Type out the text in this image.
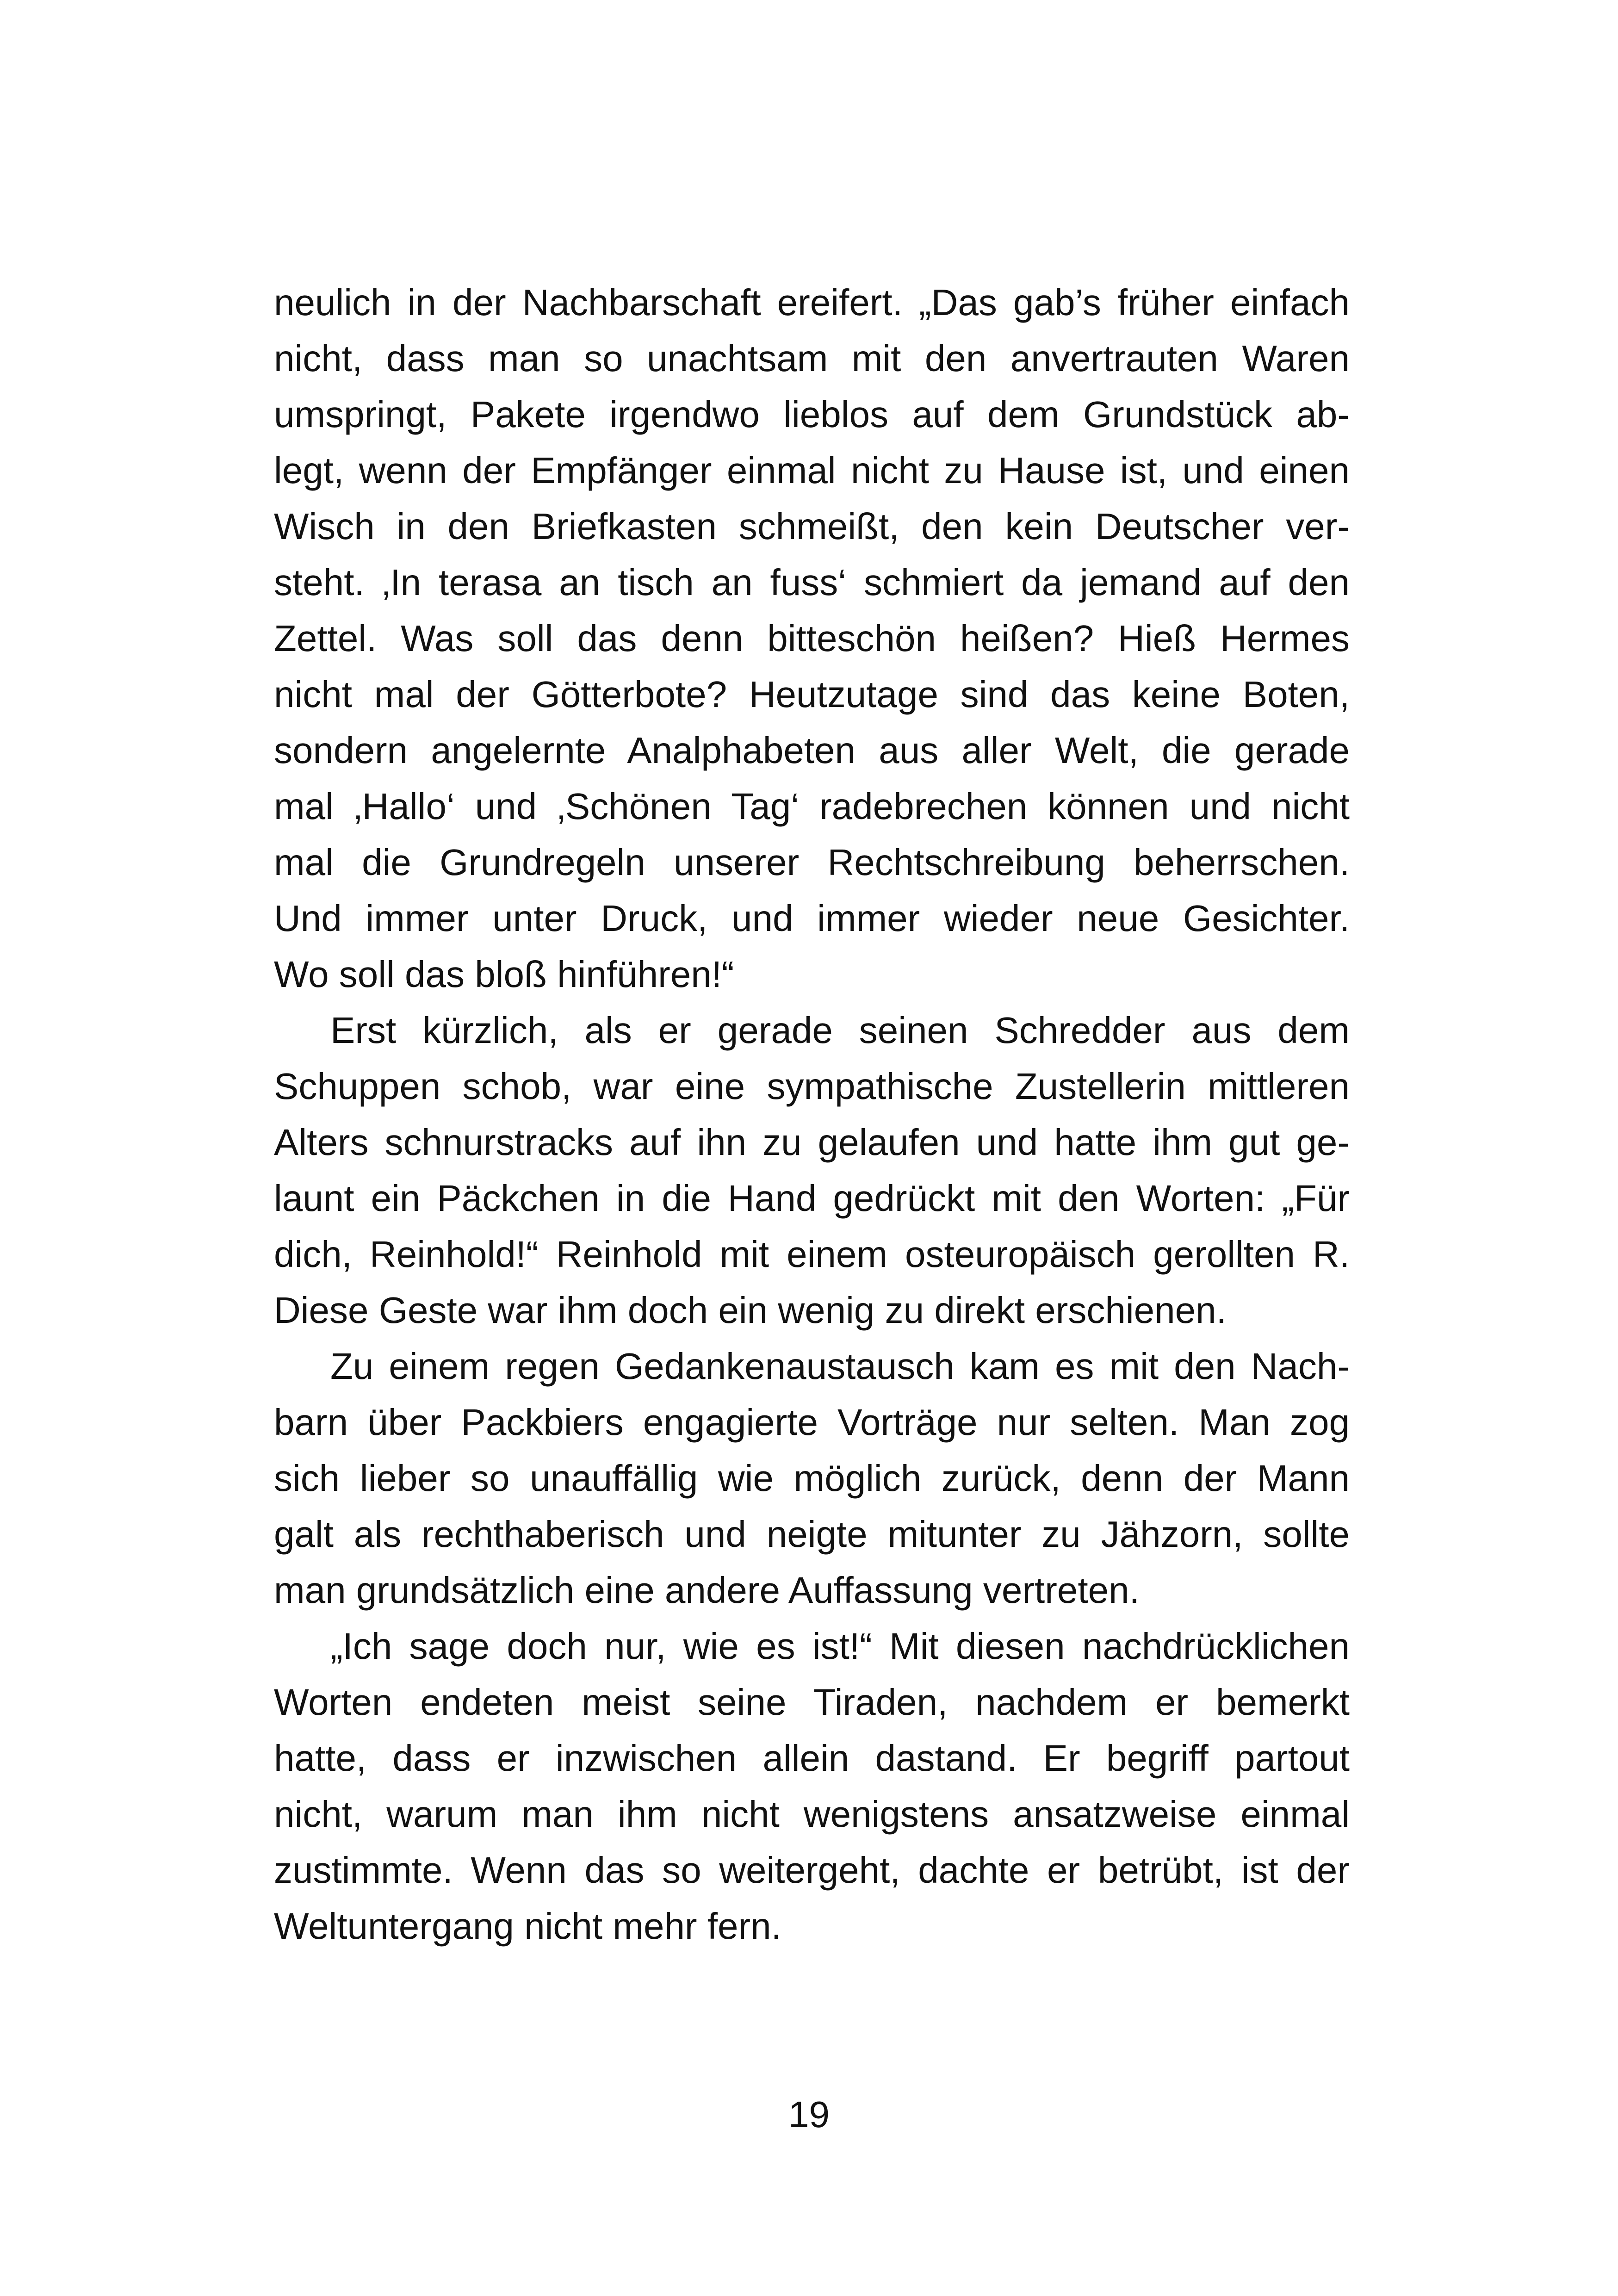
neulich in der Nachbarschaft ereifert. „Das gab’s früher einfach
nicht, dass man so unachtsam mit den anvertrauten Waren
umspringt, Pakete irgendwo lieblos auf dem Grundstück ab-
legt, wenn der Empfänger einmal nicht zu Hause ist, und einen
Wisch in den Briefkasten schmeißt, den kein Deutscher ver-
steht. ‚In terasa an tisch an fuss‘ schmiert da jemand auf den
Zettel. Was soll das denn bitteschön heißen? Hieß Hermes
nicht mal der Götterbote? Heutzutage sind das keine Boten,
sondern angelernte Analphabeten aus aller Welt, die gerade
mal ‚Hallo‘ und ‚Schönen Tag‘ radebrechen können und nicht
mal die Grundregeln unserer Rechtschreibung beherrschen.
Und immer unter Druck, und immer wieder neue Gesichter.
Wo soll das bloß hinführen!“
Erst kürzlich, als er gerade seinen Schredder aus dem
Schuppen schob, war eine sympathische Zustellerin mittleren
Alters schnurstracks auf ihn zu gelaufen und hatte ihm gut ge-
launt ein Päckchen in die Hand gedrückt mit den Worten: „Für
dich, Reinhold!“ Reinhold mit einem osteuropäisch gerollten R.
Diese Geste war ihm doch ein wenig zu direkt erschienen.
Zu einem regen Gedankenaustausch kam es mit den Nach-
barn über Packbiers engagierte Vorträge nur selten. Man zog
sich lieber so unauffällig wie möglich zurück, denn der Mann
galt als rechthaberisch und neigte mitunter zu Jähzorn, sollte
man grundsätzlich eine andere Auffassung vertreten.
„Ich sage doch nur, wie es ist!“ Mit diesen nachdrücklichen
Worten endeten meist seine Tiraden, nachdem er bemerkt
hatte, dass er inzwischen allein dastand. Er begriff partout
nicht, warum man ihm nicht wenigstens ansatzweise einmal
zustimmte. Wenn das so weitergeht, dachte er betrübt, ist der
Weltuntergang nicht mehr fern.
19
